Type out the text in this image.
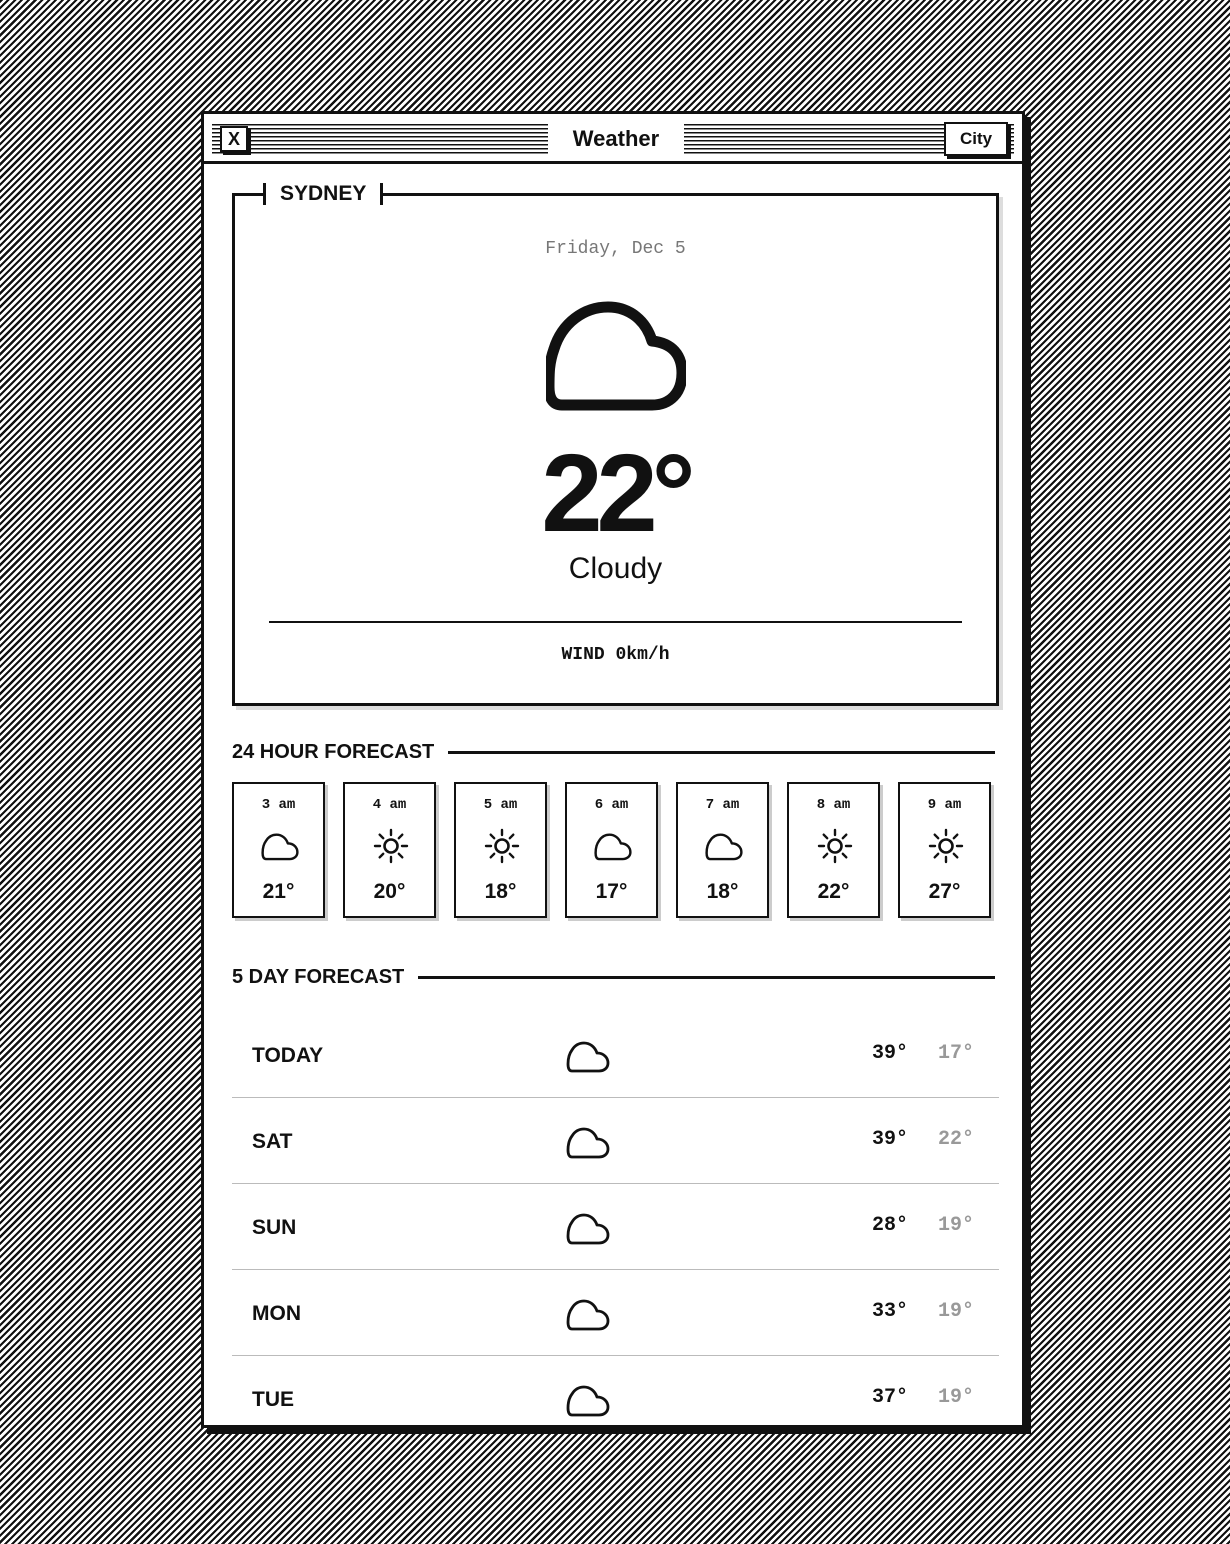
X	Weather	City
SYDNEY
Friday, Dec 5
22°
Cloudy
WIND 0km/h
24 HOUR FORECAST
3 am
21°
4 am
20°
5 am
18°
6 am
17°
7 am
18°
8 am
22°
9 am
27°
5 DAY FORECAST
TODAY	39° 17°
SAT	39° 22°
SUN	28° 19°
MON	33° 19°
TUE	37° 19°
